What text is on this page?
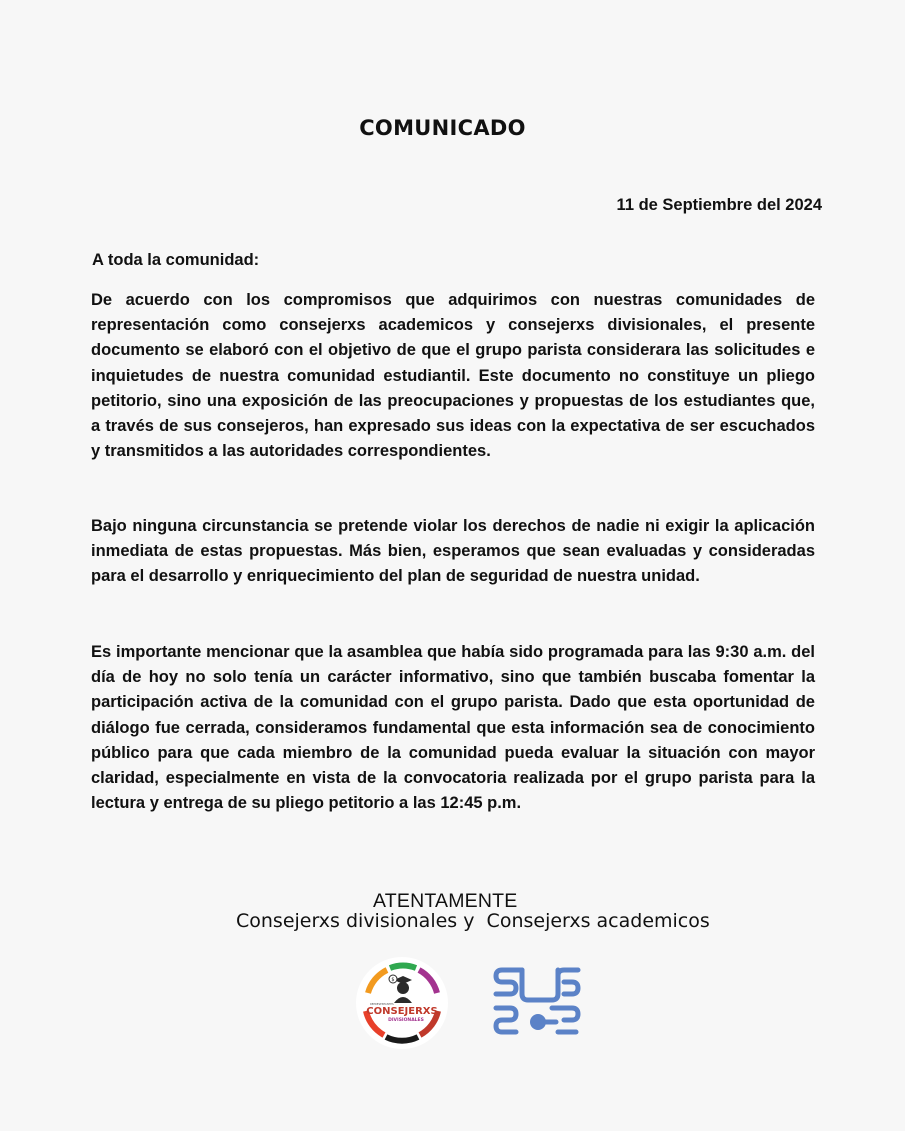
COMUNICADO
11 de Septiembre del 2024
A toda la comunidad:

De acuerdo con los compromisos que adquirimos con nuestras comunidades de representación como consejerxs academicos y consejerxs divisionales, el presente documento se elaboró con el objetivo de que el grupo parista considerara las solicitudes e inquietudes de nuestra comunidad estudiantil. Este documento no constituye un pliego petitorio, sino una exposición de las preocupaciones y propuestas de los estudiantes que, a través de sus consejeros, han expresado sus ideas con la expectativa de ser escuchados y transmitidos a las autoridades correspondientes.

Bajo ninguna circunstancia se pretende violar los derechos de nadie ni exigir la aplicación inmediata de estas propuestas. Más bien, esperamos que sean evaluadas y consideradas para el desarrollo y enriquecimiento del plan de seguridad de nuestra unidad.

Es importante mencionar que la asamblea que había sido programada para las 9:30 a.m. del día de hoy no solo tenía un carácter informativo, sino que también buscaba fomentar la participación activa de la comunidad con el grupo parista. Dado que esta oportunidad de diálogo fue cerrada, consideramos fundamental que esta información sea de conocimiento público para que cada miembro de la comunidad pueda evaluar la situación con mayor claridad, especialmente en vista de la convocatoria realizada por el grupo parista para la lectura y entrega de su pliego petitorio a las 12:45 p.m.

ATENTAMENTE
Consejerxs divisionales y  Consejerxs academicos
$
REPRESENTANTES
CONSEJERXS
DIVISIONALES
